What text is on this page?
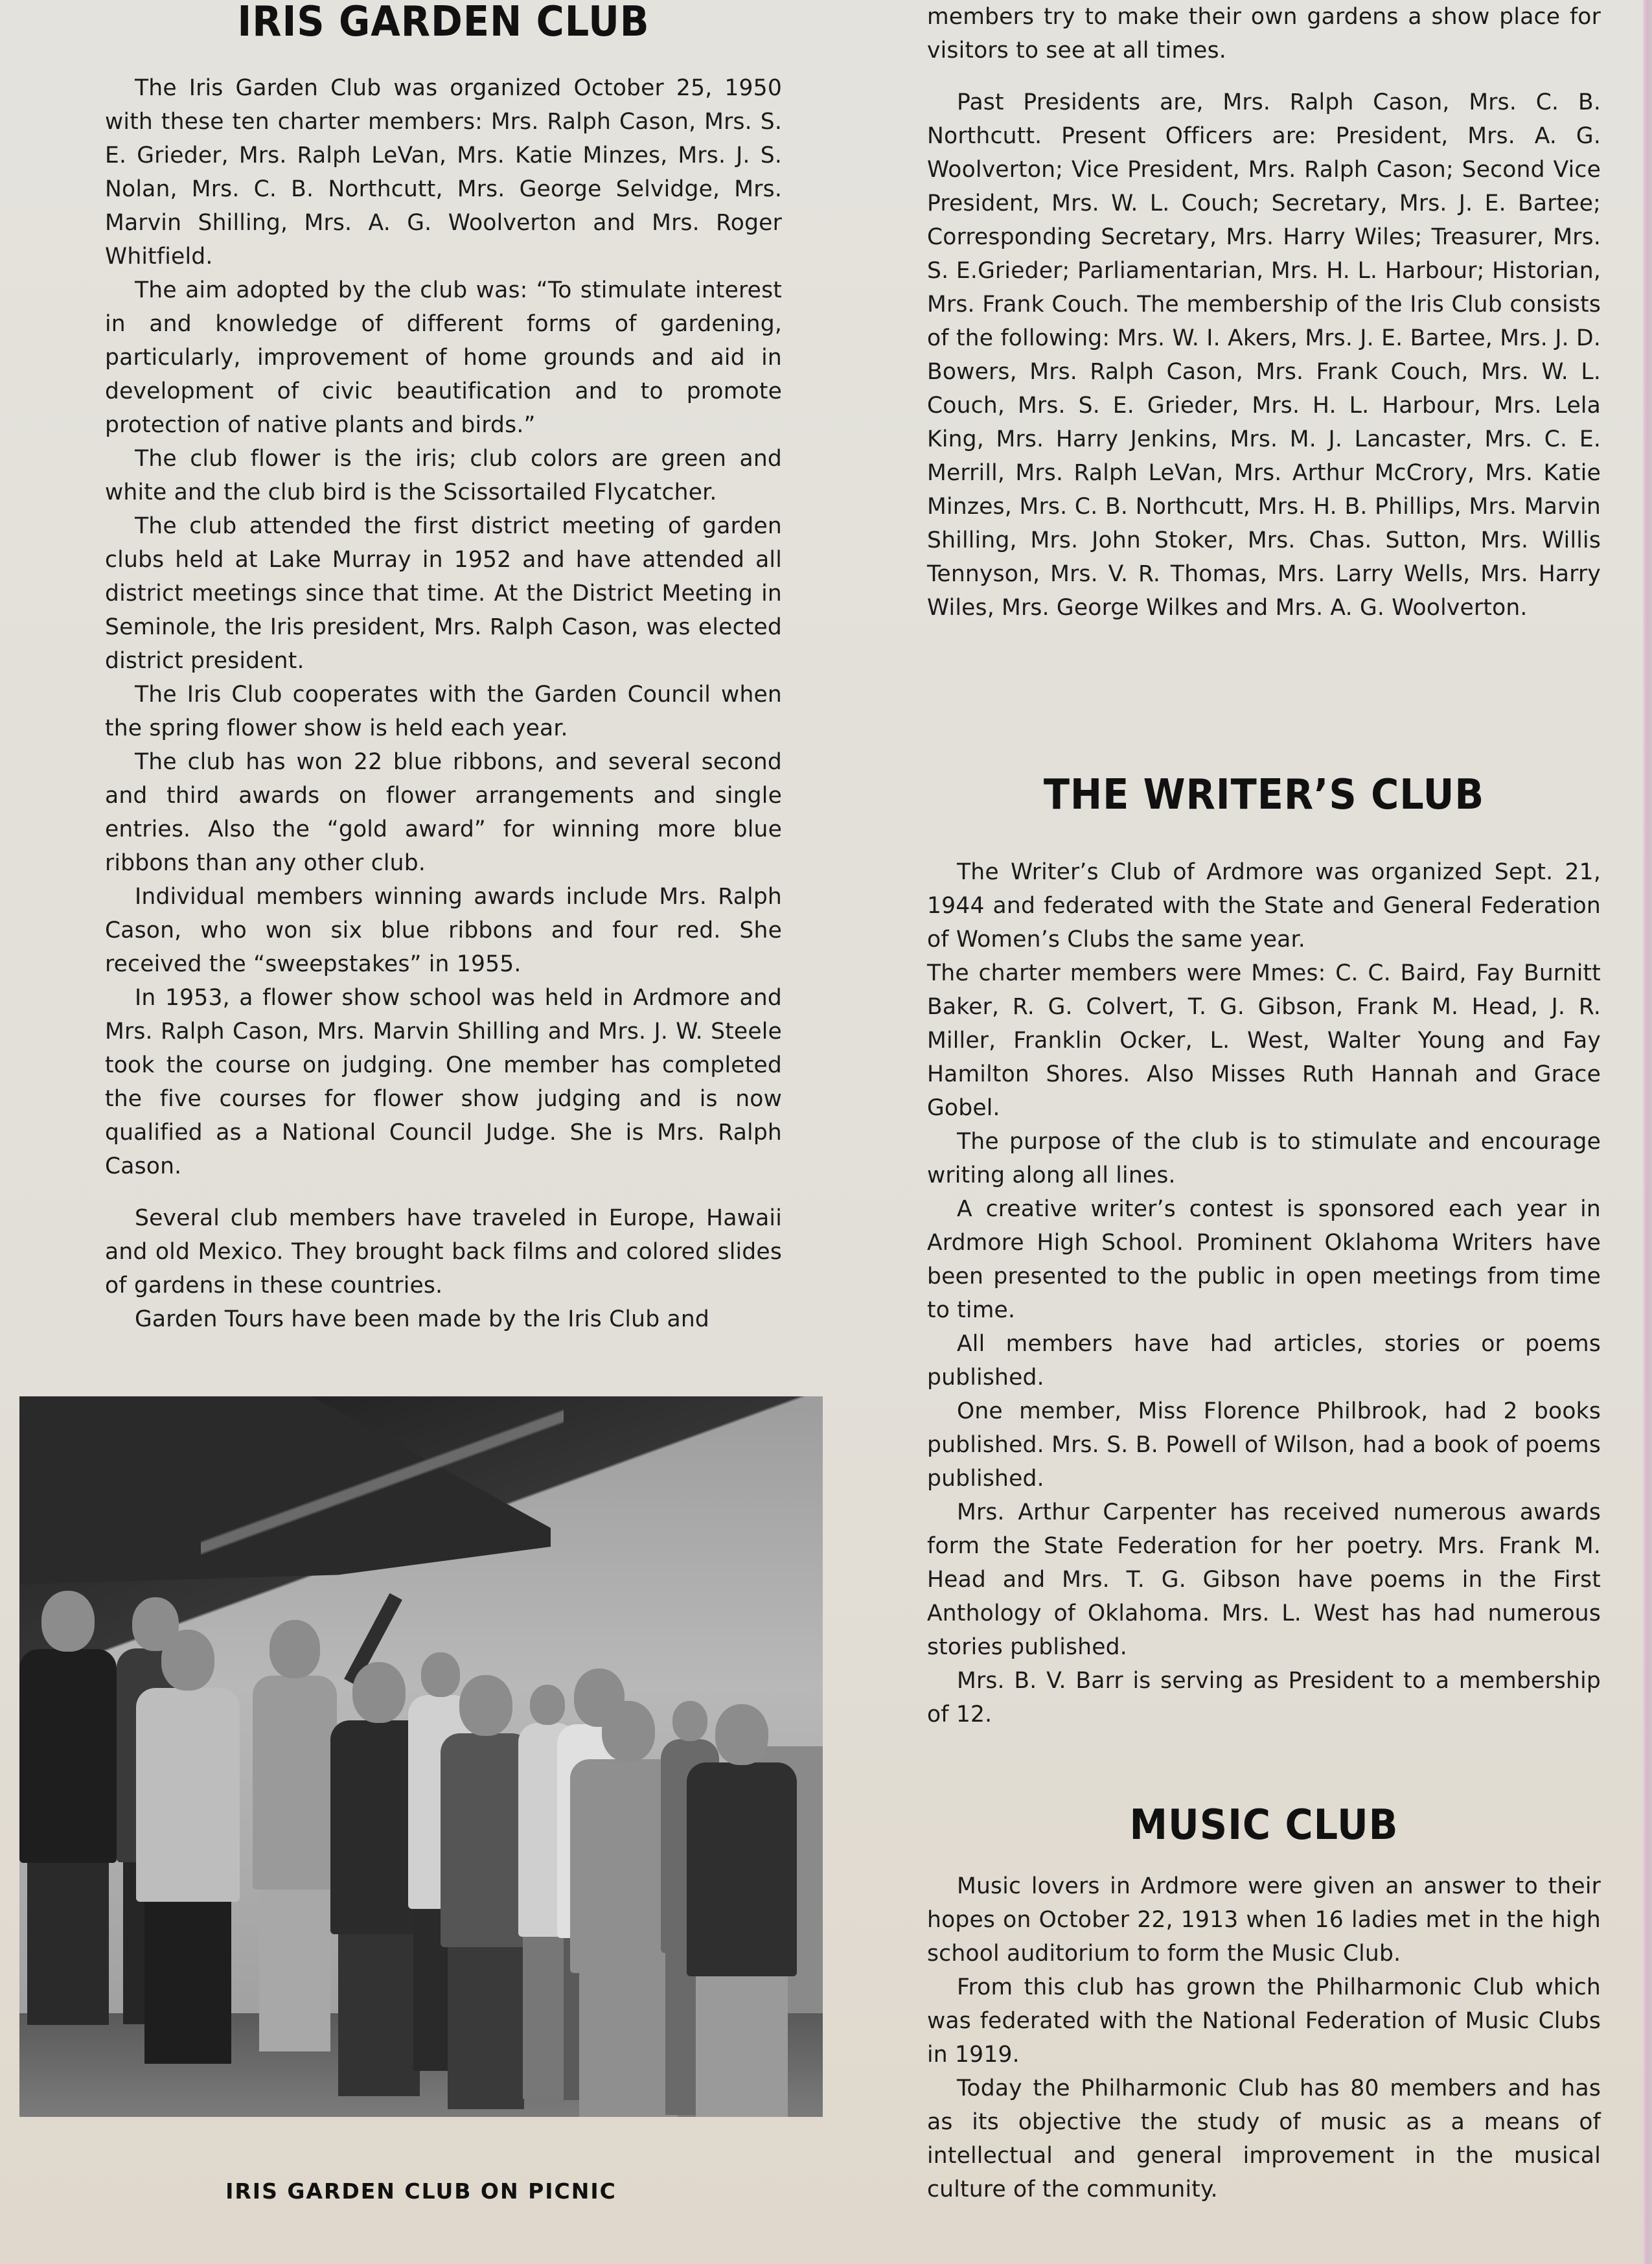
IRIS GARDEN CLUB

The Iris Garden Club was organized October 25, 1950 with these ten charter members: Mrs. Ralph Cason, Mrs. S. E. Grieder, Mrs. Ralph LeVan, Mrs. Katie Minzes, Mrs. J. S. Nolan, Mrs. C. B. Northcutt, Mrs. George Selvidge, Mrs. Marvin Shilling, Mrs. A. G. Woolverton and Mrs. Roger Whitfield.

The aim adopted by the club was: “To stimulate interest in and knowledge of different forms of gardening, particularly, improvement of home grounds and aid in development of civic beautification and to promote protection of native plants and birds.”

The club flower is the iris; club colors are green and white and the club bird is the Scissortailed Flycatcher.

The club attended the first district meeting of garden clubs held at Lake Murray in 1952 and have attended all district meetings since that time. At the District Meeting in Seminole, the Iris president, Mrs. Ralph Cason, was elected district president.

The Iris Club cooperates with the Garden Council when the spring flower show is held each year.

The club has won 22 blue ribbons, and several second and third awards on flower arrangements and single entries. Also the “gold award” for winning more blue ribbons than any other club.

Individual members winning awards include Mrs. Ralph Cason, who won six blue ribbons and four red. She received the “sweepstakes” in 1955.

In 1953, a flower show school was held in Ardmore and Mrs. Ralph Cason, Mrs. Marvin Shilling and Mrs. J. W. Steele took the course on judging. One member has completed the five courses for flower show judging and is now qualified as a National Council Judge. She is Mrs. Ralph Cason.

Several club members have traveled in Europe, Hawaii and old Mexico. They brought back films and colored slides of gardens in these countries.

Garden Tours have been made by the Iris Club and

IRIS GARDEN CLUB ON PICNIC

members try to make their own gardens a show place for visitors to see at all times.

Past Presidents are, Mrs. Ralph Cason, Mrs. C. B. Northcutt. Present Officers are: President, Mrs. A. G. Woolverton; Vice President, Mrs. Ralph Cason; Second Vice President, Mrs. W. L. Couch; Secretary, Mrs. J. E. Bartee; Corresponding Secretary, Mrs. Harry Wiles; Treasurer, Mrs. S. E.Grieder; Parliamentarian, Mrs. H. L. Harbour; Historian, Mrs. Frank Couch. The membership of the Iris Club consists of the following: Mrs. W. I. Akers, Mrs. J. E. Bartee, Mrs. J. D. Bowers, Mrs. Ralph Cason, Mrs. Frank Couch, Mrs. W. L. Couch, Mrs. S. E. Grieder, Mrs. H. L. Harbour, Mrs. Lela King, Mrs. Harry Jenkins, Mrs. M. J. Lancaster, Mrs. C. E. Merrill, Mrs. Ralph LeVan, Mrs. Arthur McCrory, Mrs. Katie Minzes, Mrs. C. B. Northcutt, Mrs. H. B. Phillips, Mrs. Marvin Shilling, Mrs. John Stoker, Mrs. Chas. Sutton, Mrs. Willis Tennyson, Mrs. V. R. Thomas, Mrs. Larry Wells, Mrs. Harry Wiles, Mrs. George Wilkes and Mrs. A. G. Woolverton.

THE WRITER’S CLUB

The Writer’s Club of Ardmore was organized Sept. 21, 1944 and federated with the State and General Federation of Women’s Clubs the same year.

The charter members were Mmes: C. C. Baird, Fay Burnitt Baker, R. G. Colvert, T. G. Gibson, Frank M. Head, J. R. Miller, Franklin Ocker, L. West, Walter Young and Fay Hamilton Shores. Also Misses Ruth Hannah and Grace Gobel.

The purpose of the club is to stimulate and encourage writing along all lines.

A creative writer’s contest is sponsored each year in Ardmore High School. Prominent Oklahoma Writers have been presented to the public in open meetings from time to time.

All members have had articles, stories or poems published.

One member, Miss Florence Philbrook, had 2 books published. Mrs. S. B. Powell of Wilson, had a book of poems published.

Mrs. Arthur Carpenter has received numerous awards form the State Federation for her poetry. Mrs. Frank M. Head and Mrs. T. G. Gibson have poems in the First Anthology of Oklahoma. Mrs. L. West has had numerous stories published.

Mrs. B. V. Barr is serving as President to a membership of 12.

MUSIC CLUB

Music lovers in Ardmore were given an answer to their hopes on October 22, 1913 when 16 ladies met in the high school auditorium to form the Music Club.

From this club has grown the Philharmonic Club which was federated with the National Federation of Music Clubs in 1919.

Today the Philharmonic Club has 80 members and has as its objective the study of music as a means of intellectual and general improvement in the musical culture of the community.
